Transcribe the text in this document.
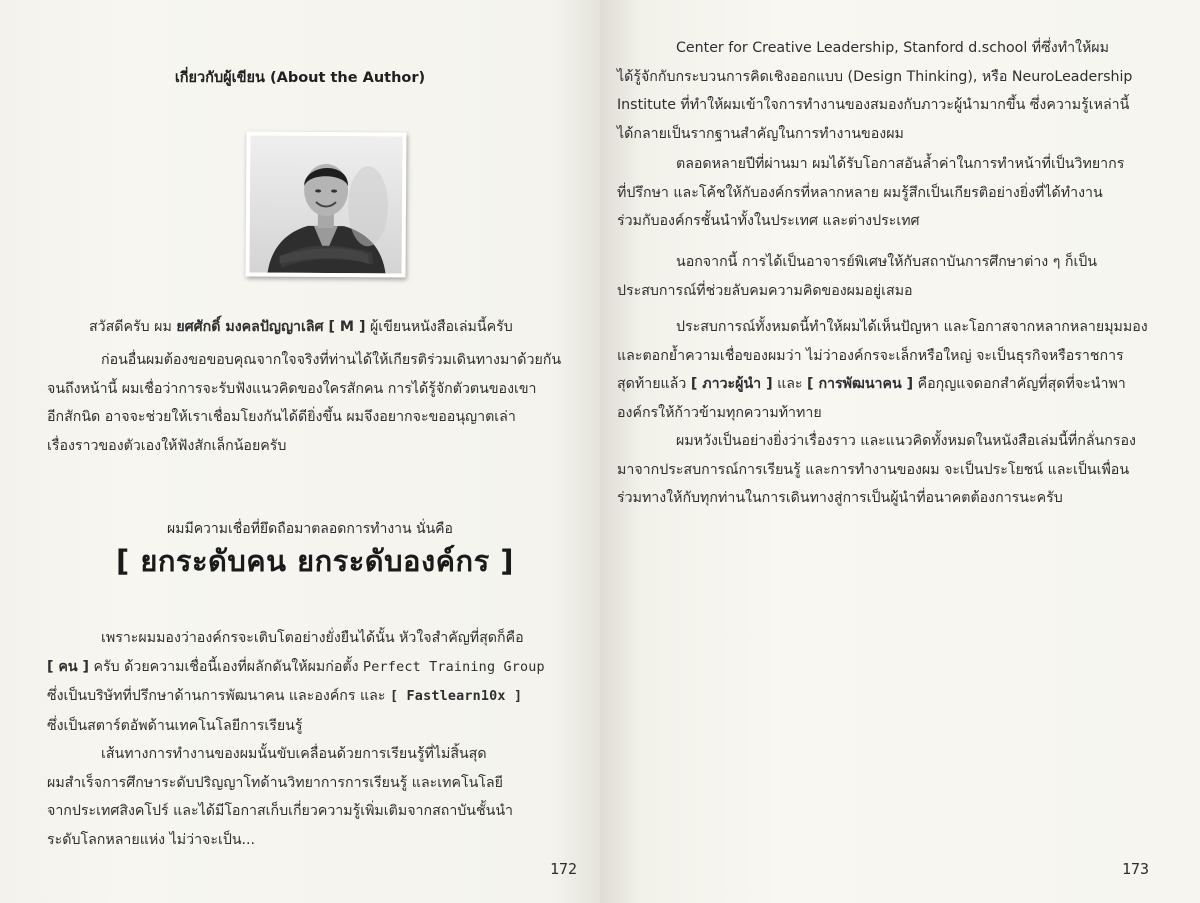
เกี่ยวกับผู้เขียน (About the Author)

สวัสดีครับ ผม ยศศักดิ์ มงคลปัญญาเลิศ [ M ] ผู้เขียนหนังสือเล่มนี้ครับ

ก่อนอื่นผมต้องขอขอบคุณจากใจจริงที่ท่านได้ให้เกียรติร่วมเดินทางมาด้วยกัน

จนถึงหน้านี้ ผมเชื่อว่าการจะรับฟังแนวคิดของใครสักคน การได้รู้จักตัวตนของเขา

อีกสักนิด อาจจะช่วยให้เราเชื่อมโยงกันได้ดียิ่งขึ้น ผมจึงอยากจะขออนุญาตเล่า

เรื่องราวของตัวเองให้ฟังสักเล็กน้อยครับ

ผมมีความเชื่อที่ยึดถือมาตลอดการทำงาน นั่นคือ
[ ยกระดับคน ยกระดับองค์กร ]

เพราะผมมองว่าองค์กรจะเติบโตอย่างยั่งยืนได้นั้น หัวใจสำคัญที่สุดก็คือ

[ คน ] ครับ ด้วยความเชื่อนี้เองที่ผลักดันให้ผมก่อตั้ง Perfect Training Group

ซึ่งเป็นบริษัทที่ปรึกษาด้านการพัฒนาคน และองค์กร และ [ Fastlearn10x ]

ซึ่งเป็นสตาร์ตอัพด้านเทคโนโลยีการเรียนรู้

เส้นทางการทำงานของผมนั้นขับเคลื่อนด้วยการเรียนรู้ที่ไม่สิ้นสุด

ผมสำเร็จการศึกษาระดับปริญญาโทด้านวิทยาการการเรียนรู้ และเทคโนโลยี

จากประเทศสิงคโปร์ และได้มีโอกาสเก็บเกี่ยวความรู้เพิ่มเติมจากสถาบันชั้นนำ

ระดับโลกหลายแห่ง ไม่ว่าจะเป็น...

172

Center for Creative Leadership, Stanford d.school ที่ซึ่งทำให้ผม

ได้รู้จักกับกระบวนการคิดเชิงออกแบบ (Design Thinking), หรือ NeuroLeadership

Institute ที่ทำให้ผมเข้าใจการทำงานของสมองกับภาวะผู้นำมากขึ้น ซึ่งความรู้เหล่านี้

ได้กลายเป็นรากฐานสำคัญในการทำงานของผม

ตลอดหลายปีที่ผ่านมา ผมได้รับโอกาสอันล้ำค่าในการทำหน้าที่เป็นวิทยากร

ที่ปรึกษา และโค้ชให้กับองค์กรที่หลากหลาย ผมรู้สึกเป็นเกียรติอย่างยิ่งที่ได้ทำงาน

ร่วมกับองค์กรชั้นนำทั้งในประเทศ และต่างประเทศ

นอกจากนี้ การได้เป็นอาจารย์พิเศษให้กับสถาบันการศึกษาต่าง ๆ ก็เป็น

ประสบการณ์ที่ช่วยลับคมความคิดของผมอยู่เสมอ

ประสบการณ์ทั้งหมดนี้ทำให้ผมได้เห็นปัญหา และโอกาสจากหลากหลายมุมมอง

และตอกย้ำความเชื่อของผมว่า ไม่ว่าองค์กรจะเล็กหรือใหญ่ จะเป็นธุรกิจหรือราชการ

สุดท้ายแล้ว [ ภาวะผู้นำ ] และ [ การพัฒนาคน ] คือกุญแจดอกสำคัญที่สุดที่จะนำพา

องค์กรให้ก้าวข้ามทุกความท้าทาย

ผมหวังเป็นอย่างยิ่งว่าเรื่องราว และแนวคิดทั้งหมดในหนังสือเล่มนี้ที่กลั่นกรอง

มาจากประสบการณ์การเรียนรู้ และการทำงานของผม จะเป็นประโยชน์ และเป็นเพื่อน

ร่วมทางให้กับทุกท่านในการเดินทางสู่การเป็นผู้นำที่อนาคตต้องการนะครับ

173
